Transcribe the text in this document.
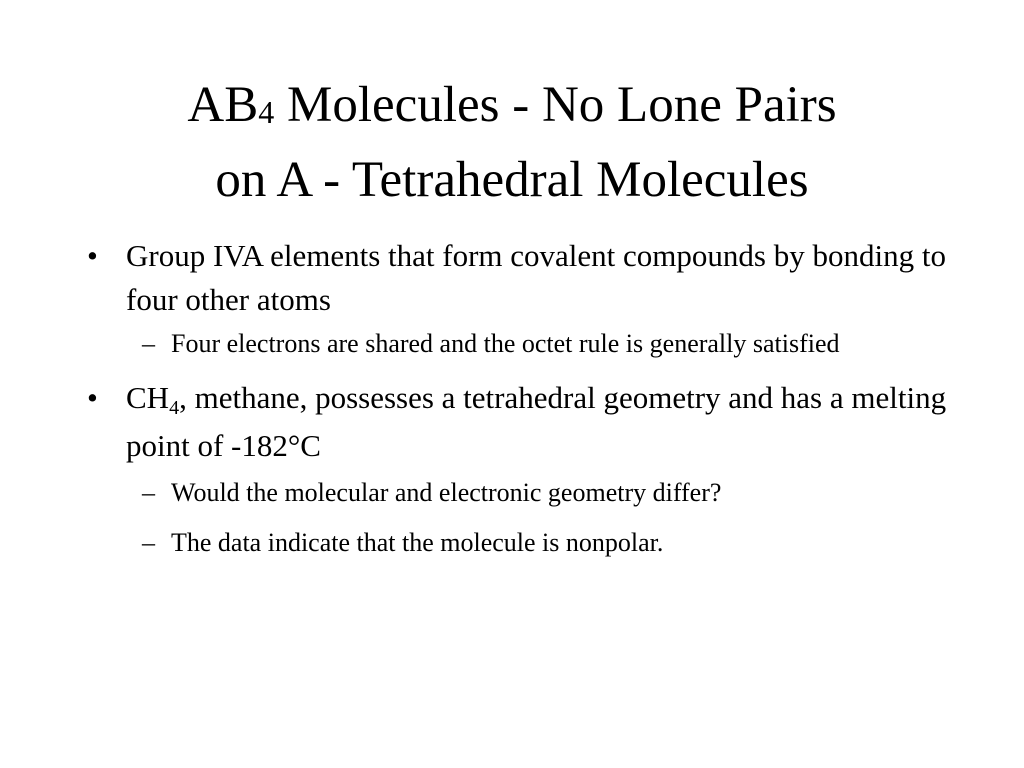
$AB_4$ Molecules - No Lone Pairs
on A - Tetrahedral Molecules
• Group IVA elements that form covalent compounds by bonding to four other atoms
– Four electrons are shared and the octet rule is generally satisfied
• $CH_4$, methane, possesses a tetrahedral geometry and has a melting point of -182°C
– Would the molecular and electronic geometry differ?
– The data indicate that the molecule is nonpolar.
